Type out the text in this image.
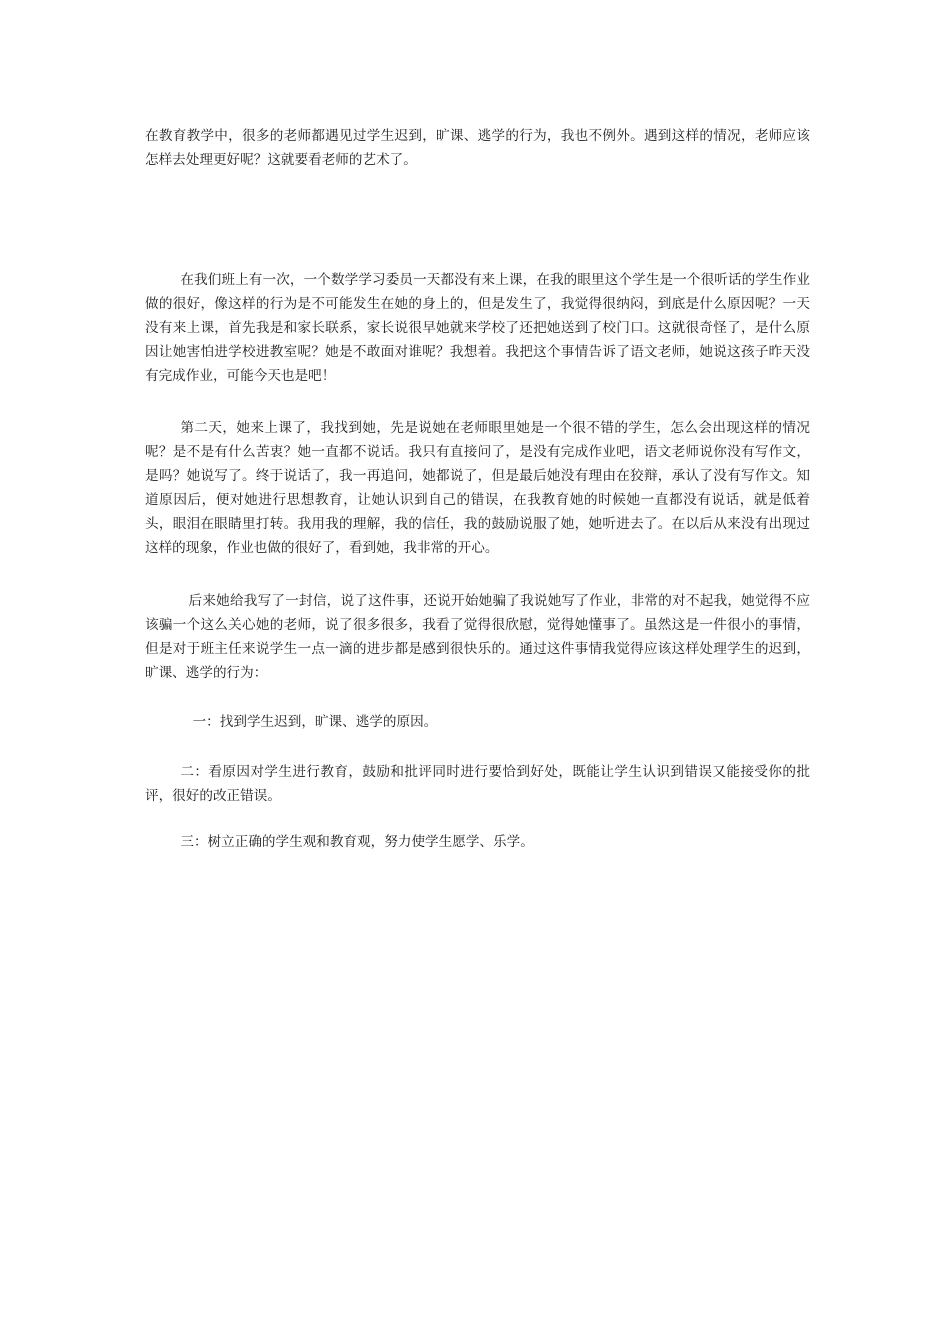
在教育教学中，很多的老师都遇见过学生迟到，旷课、逃学的行为，我也不例外。遇到这样的情况，老师应该怎样去处理更好呢？这就要看老师的艺术了。

在我们班上有一次，一个数学学习委员一天都没有来上课，在我的眼里这个学生是一个很听话的学生作业做的很好，像这样的行为是不可能发生在她的身上的，但是发生了，我觉得很纳闷，到底是什么原因呢？一天没有来上课，首先我是和家长联系，家长说很早她就来学校了还把她送到了校门口。这就很奇怪了，是什么原因让她害怕进学校进教室呢？她是不敢面对谁呢？我想着。我把这个事情告诉了语文老师，她说这孩子昨天没有完成作业，可能今天也是吧！

第二天，她来上课了，我找到她，先是说她在老师眼里她是一个很不错的学生，怎么会出现这样的情况呢？是不是有什么苦衷？她一直都不说话。我只有直接问了，是没有完成作业吧，语文老师说你没有写作文，是吗？她说写了。终于说话了，我一再追问，她都说了，但是最后她没有理由在狡辩，承认了没有写作文。知道原因后，便对她进行思想教育，让她认识到自己的错误，在我教育她的时候她一直都没有说话，就是低着头，眼泪在眼睛里打转。我用我的理解，我的信任，我的鼓励说服了她，她听进去了。在以后从来没有出现过这样的现象，作业也做的很好了，看到她，我非常的开心。

后来她给我写了一封信，说了这件事，还说开始她骗了我说她写了作业，非常的对不起我，她觉得不应该骗一个这么关心她的老师，说了很多很多，我看了觉得很欣慰，觉得她懂事了。虽然这是一件很小的事情，但是对于班主任来说学生一点一滴的进步都是感到很快乐的。通过这件事情我觉得应该这样处理学生的迟到，旷课、逃学的行为：

一：找到学生迟到，旷课、逃学的原因。

二：看原因对学生进行教育，鼓励和批评同时进行要恰到好处，既能让学生认识到错误又能接受你的批评，很好的改正错误。

三：树立正确的学生观和教育观，努力使学生愿学、乐学。
